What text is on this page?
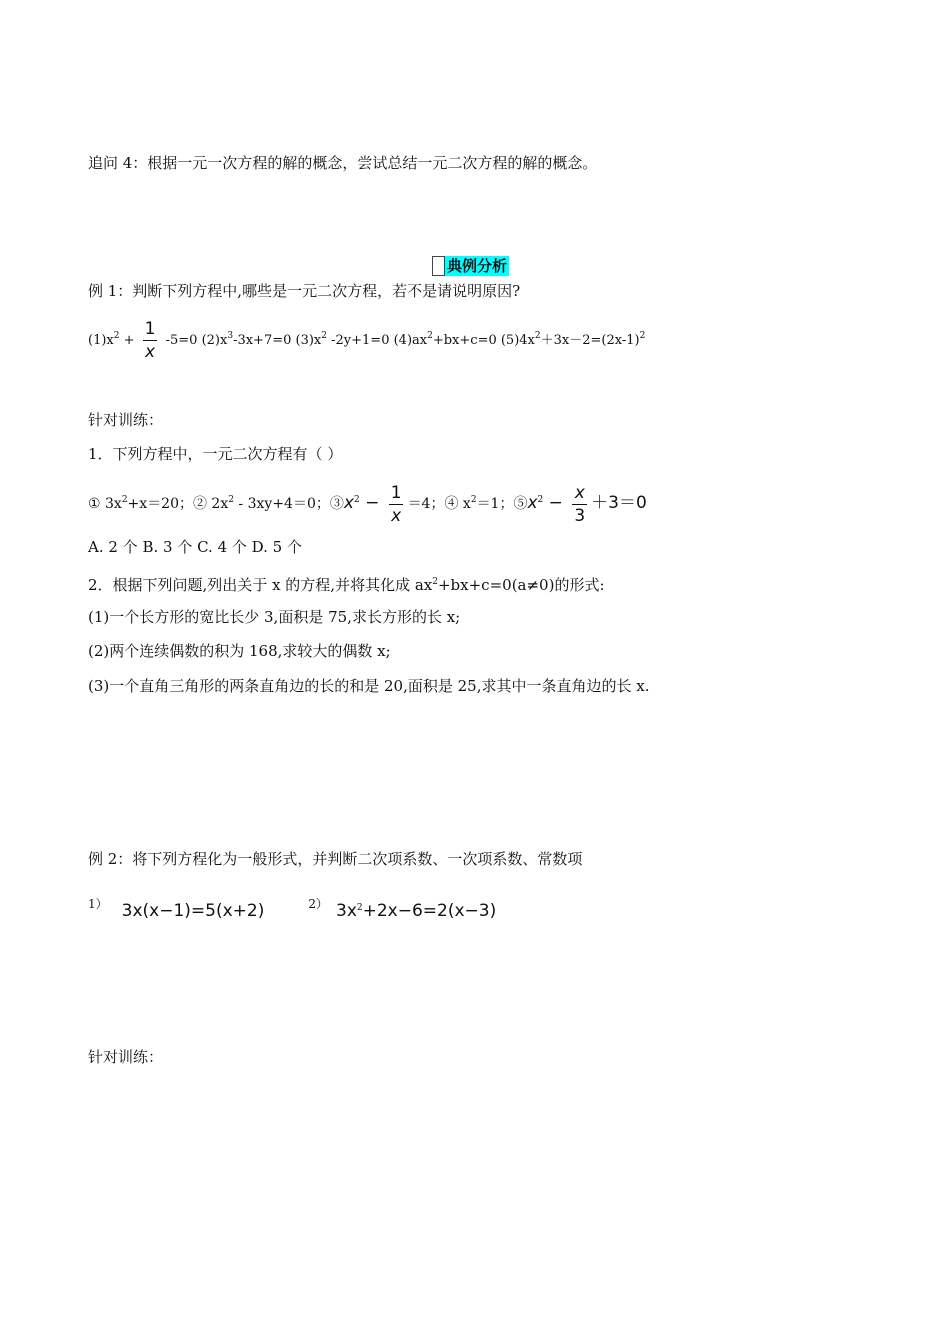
追问 4：根据一元一次方程的解的概念，尝试总结一元二次方程的解的概念。
典例分析
例 1：判断下列方程中,哪些是一元二次方程，若不是请说明原因?
$(1)x^2 + \frac{1}{x} -5=0$ $(2)x^3-3x+7=0$ $(3)x^2$ -2y+1=0 $(4)ax^2+bx+c=0$ $(5)4x^2+3x-2=(2x-1)^2$
针对训练：
1．下列方程中，一元二次方程有（ ）
① $3x^2+x=20$；② $2x^2 - 3xy+4=0$；$③x^2 - \frac{1}{x} =4$；④ $x^2=1$；$⑤x^2 - \frac{x}{3} +3=0$
A. 2 个 B. 3 个 C. 4 个 D. 5 个
2．根据下列问题,列出关于 x 的方程,并将其化成 $ax^2+bx+c=0(a\ne 0)$的形式:
(1)一个长方形的宽比长少 3,面积是 75,求长方形的长 x;
(2)两个连续偶数的积为 168,求较大的偶数 x;
(3)一个直角三角形的两条直角边的长的和是 20,面积是 25,求其中一条直角边的长 x.
例 2：将下列方程化为一般形式，并判断二次项系数、一次项系数、常数项
$^{1)}$ 3x(x−1)=5(x+2)	$^{2)}$ $3x^2+2x-6=2(x-3)$
针对训练：
